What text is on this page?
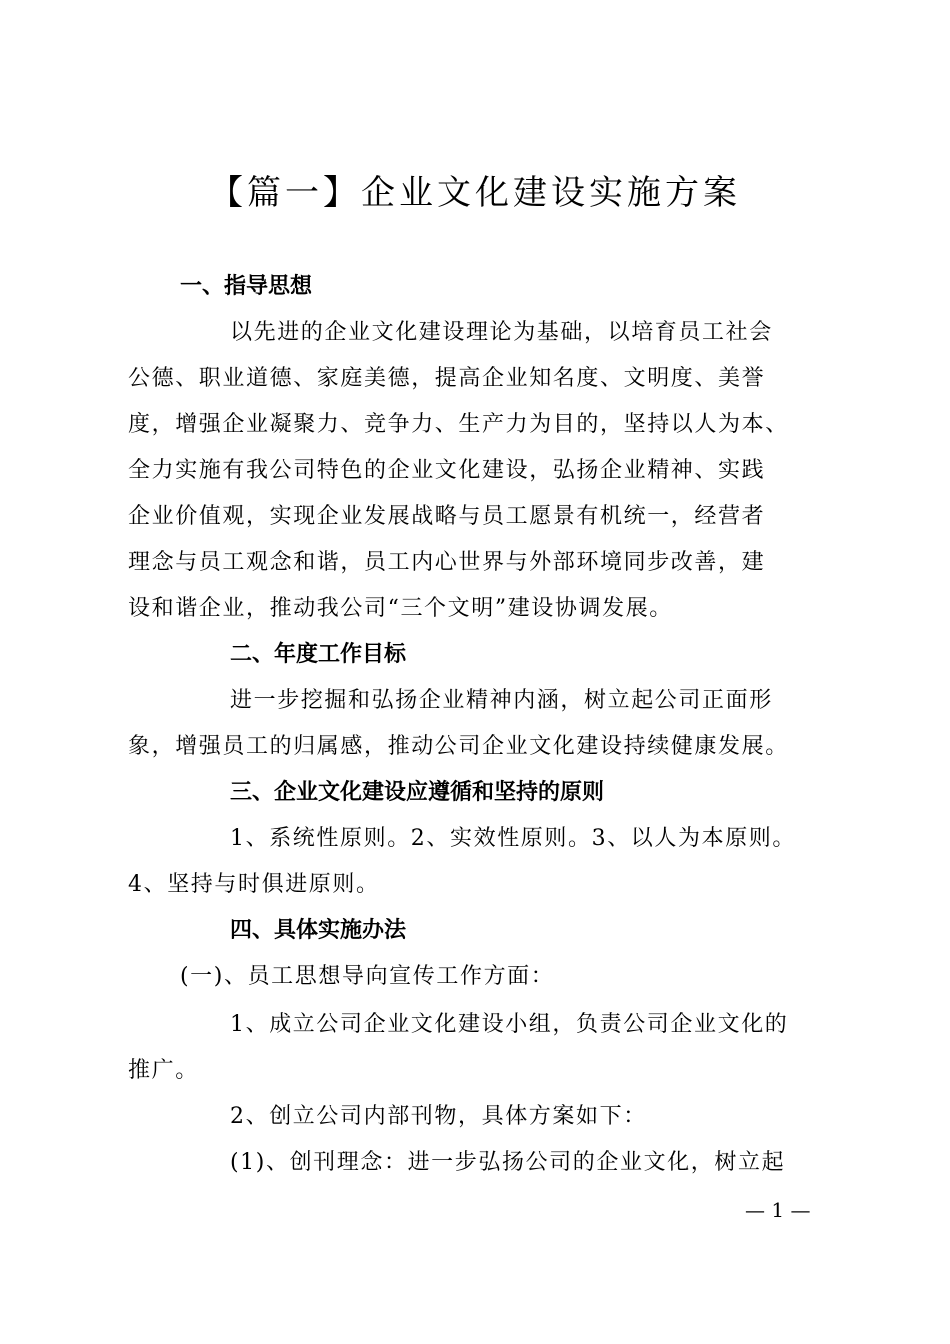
【篇一】企业文化建设实施方案
一、指导思想
以先进的企业文化建设理论为基础，以培育员工社会
公德、职业道德、家庭美德，提高企业知名度、文明度、美誉
度，增强企业凝聚力、竞争力、生产力为目的，坚持以人为本、
全力实施有我公司特色的企业文化建设，弘扬企业精神、实践
企业价值观，实现企业发展战略与员工愿景有机统一，经营者
理念与员工观念和谐，员工内心世界与外部环境同步改善，建
设和谐企业，推动我公司“三个文明”建设协调发展。
二、年度工作目标
进一步挖掘和弘扬企业精神内涵，树立起公司正面形
象，增强员工的归属感，推动公司企业文化建设持续健康发展。
三、企业文化建设应遵循和坚持的原则
1、系统性原则。2、实效性原则。3、以人为本原则。
4、坚持与时俱进原则。
四、具体实施办法
(一)、员工思想导向宣传工作方面：
1、成立公司企业文化建设小组，负责公司企业文化的
推广。
2、创立公司内部刊物，具体方案如下：
(1)、创刊理念：进一步弘扬公司的企业文化，树立起
— 1 —
